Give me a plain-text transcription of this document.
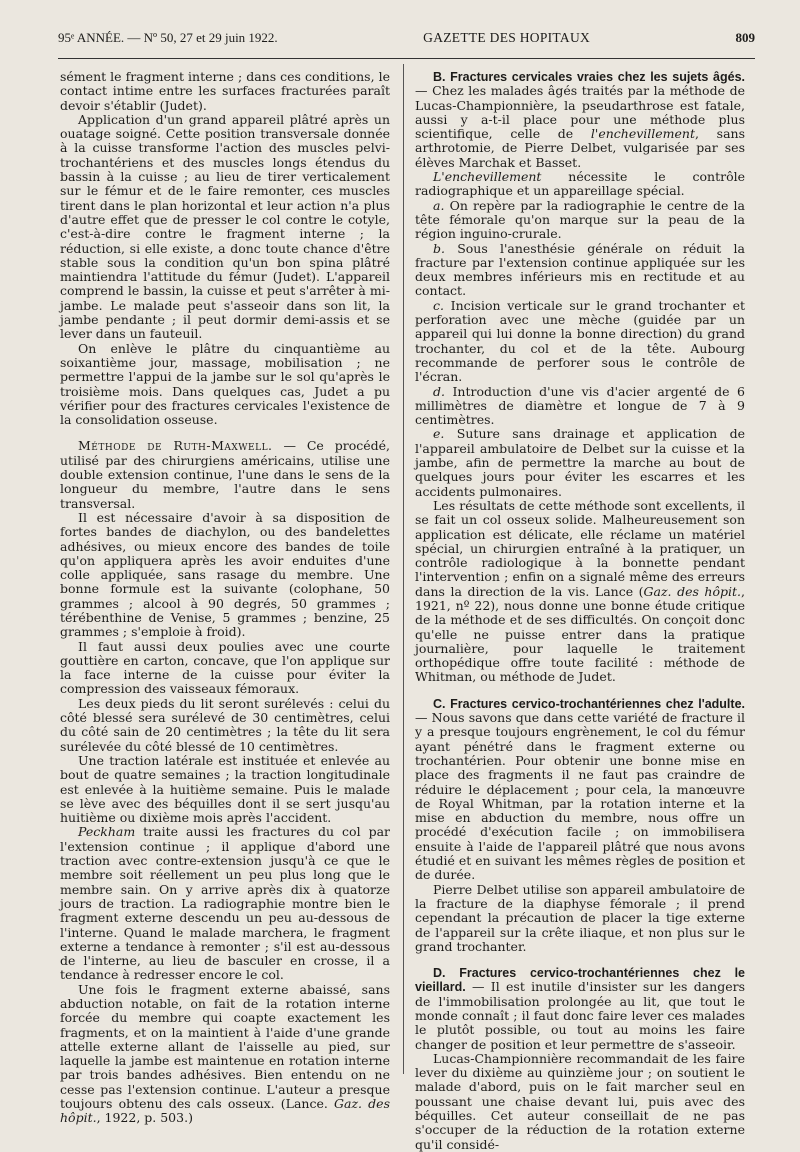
95ᵉ ANNÉE. — Nº 50, 27 et 29 juin 1922.	GAZETTE DES HOPITAUX	809

sément le fragment interne ; dans ces conditions, le contact intime entre les surfaces fracturées paraît devoir s'établir (Judet).

Application d'un grand appareil plâtré après un ouatage soigné. Cette position transversale donnée à la cuisse transforme l'action des muscles pelvi-trochantériens et des muscles longs étendus du bassin à la cuisse ; au lieu de tirer verticalement sur le fémur et de le faire remonter, ces muscles tirent dans le plan horizontal et leur action n'a plus d'autre effet que de presser le col contre le cotyle, c'est-à-dire contre le fragment interne ; la réduction, si elle existe, a donc toute chance d'être stable sous la condition qu'un bon spina plâtré maintiendra l'attitude du fémur (Judet). L'appareil comprend le bassin, la cuisse et peut s'arrêter à mi-jambe. Le malade peut s'asseoir dans son lit, la jambe pendante ; il peut dormir demi-assis et se lever dans un fauteuil.

On enlève le plâtre du cinquantième au soixantième jour, massage, mobilisation ; ne permettre l'appui de la jambe sur le sol qu'après le troisième mois. Dans quelques cas, Judet a pu vérifier pour des fractures cervicales l'existence de la consolidation osseuse.

Méthode de Ruth-Maxwell. — Ce procédé, utilisé par des chirurgiens américains, utilise une double extension continue, l'une dans le sens de la longueur du membre, l'autre dans le sens transversal.

Il est nécessaire d'avoir à sa disposition de fortes bandes de diachylon, ou des bandelettes adhésives, ou mieux encore des bandes de toile qu'on appliquera après les avoir enduites d'une colle appliquée, sans rasage du membre. Une bonne formule est la suivante (colophane, 50 grammes ; alcool à 90 degrés, 50 grammes ; térébenthine de Venise, 5 grammes ; benzine, 25 grammes ; s'emploie à froid).

Il faut aussi deux poulies avec une courte gouttière en carton, concave, que l'on applique sur la face interne de la cuisse pour éviter la compression des vaisseaux fémoraux.

Les deux pieds du lit seront surélevés : celui du côté blessé sera surélevé de 30 centimètres, celui du côté sain de 20 centimètres ; la tête du lit sera surélevée du côté blessé de 10 centimètres.

Une traction latérale est instituée et enlevée au bout de quatre semaines ; la traction longitudinale est enlevée à la huitième semaine. Puis le malade se lève avec des béquilles dont il se sert jusqu'au huitième ou dixième mois après l'accident.

Peckham traite aussi les fractures du col par l'extension continue ; il applique d'abord une traction avec contre-extension jusqu'à ce que le membre soit réellement un peu plus long que le membre sain. On y arrive après dix à quatorze jours de traction. La radiographie montre bien le fragment externe descendu un peu au-dessous de l'interne. Quand le malade marchera, le fragment externe a tendance à remonter ; s'il est au-dessous de l'interne, au lieu de basculer en crosse, il a tendance à redresser encore le col.

Une fois le fragment externe abaissé, sans abduction notable, on fait de la rotation interne forcée du membre qui coapte exactement les fragments, et on la maintient à l'aide d'une grande attelle externe allant de l'aisselle au pied, sur laquelle la jambe est maintenue en rotation interne par trois bandes adhésives. Bien entendu on ne cesse pas l'extension continue. L'auteur a presque toujours obtenu des cals osseux. (Lance. Gaz. des hôpit., 1922, p. 503.)

B. Fractures cervicales vraies chez les sujets âgés. — Chez les malades âgés traités par la méthode de Lucas-Championnière, la pseudarthrose est fatale, aussi y a-t-il place pour une méthode plus scientifique, celle de l'enchevillement, sans arthrotomie, de Pierre Delbet, vulgarisée par ses élèves Marchak et Basset.

L'enchevillement nécessite le contrôle radiographique et un appareillage spécial.

a. On repère par la radiographie le centre de la tête fémorale qu'on marque sur la peau de la région inguino-crurale.

b. Sous l'anesthésie générale on réduit la fracture par l'extension continue appliquée sur les deux membres inférieurs mis en rectitude et au contact.

c. Incision verticale sur le grand trochanter et perforation avec une mèche (guidée par un appareil qui lui donne la bonne direction) du grand trochanter, du col et de la tête. Aubourg recommande de perforer sous le contrôle de l'écran.

d. Introduction d'une vis d'acier argenté de 6 millimètres de diamètre et longue de 7 à 9 centimètres.

e. Suture sans drainage et application de l'appareil ambulatoire de Delbet sur la cuisse et la jambe, afin de permettre la marche au bout de quelques jours pour éviter les escarres et les accidents pulmonaires.

Les résultats de cette méthode sont excellents, il se fait un col osseux solide. Malheureusement son application est délicate, elle réclame un matériel spécial, un chirurgien entraîné à la pratiquer, un contrôle radiologique à la bonnette pendant l'intervention ; enfin on a signalé même des erreurs dans la direction de la vis. Lance (Gaz. des hôpit., 1921, nº 22), nous donne une bonne étude critique de la méthode et de ses difficultés. On conçoit donc qu'elle ne puisse entrer dans la pratique journalière, pour laquelle le traitement orthopédique offre toute facilité : méthode de Whitman, ou méthode de Judet.

C. Fractures cervico-trochantériennes chez l'adulte. — Nous savons que dans cette variété de fracture il y a presque toujours engrènement, le col du fémur ayant pénétré dans le fragment externe ou trochantérien. Pour obtenir une bonne mise en place des fragments il ne faut pas craindre de réduire le déplacement ; pour cela, la manœuvre de Royal Whitman, par la rotation interne et la mise en abduction du membre, nous offre un procédé d'exécution facile ; on immobilisera ensuite à l'aide de l'appareil plâtré que nous avons étudié et en suivant les mêmes règles de position et de durée.

Pierre Delbet utilise son appareil ambulatoire de la fracture de la diaphyse fémorale ; il prend cependant la précaution de placer la tige externe de l'appareil sur la crête iliaque, et non plus sur le grand trochanter.

D. Fractures cervico-trochantériennes chez le vieillard. — Il est inutile d'insister sur les dangers de l'immobilisation prolongée au lit, que tout le monde connaît ; il faut donc faire lever ces malades le plutôt possible, ou tout au moins les faire changer de position et leur permettre de s'asseoir.

Lucas-Championnière recommandait de les faire lever du dixième au quinzième jour ; on soutient le malade d'abord, puis on le fait marcher seul en poussant une chaise devant lui, puis avec des béquilles. Cet auteur conseillait de ne pas s'occuper de la réduction de la rotation externe qu'il considé-
